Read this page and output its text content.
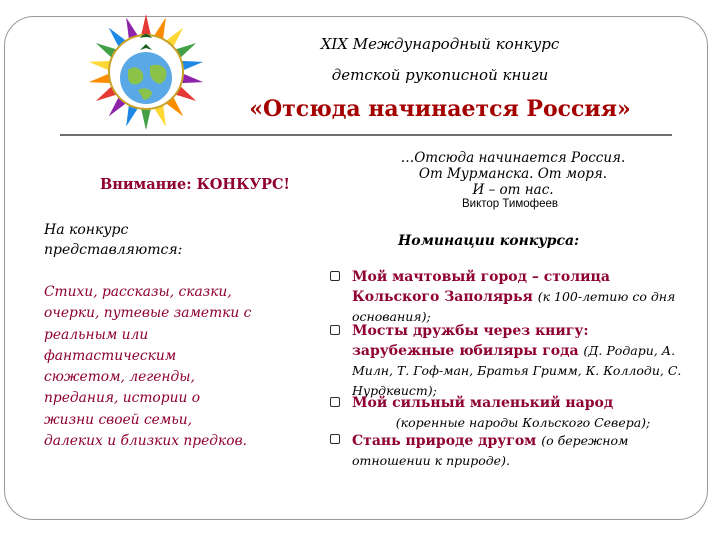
XIX Международный конкурс
детской рукописной книги
«Отсюда начинается Россия»
Внимание: КОНКУРС!
…Отсюда начинается Россия.
От Мурманска. От моря.
И – от нас.
Виктор Тимофеев
На конкурс
представляются:
Стихи, рассказы, сказки,
очерки, путевые заметки с
реальным или
фантастическим
сюжетом, легенды,
предания, истории о
жизни своей семьи,
далеких и близких предков.
Номинации конкурса:
Мой мачтовый город – столица
Кольского Заполярья (к 100-летию со дня основания);
Мосты дружбы через книгу:
зарубежные юбиляры года (Д. Родари, А. Милн, Т. Гоф-ман, Братья Гримм, К. Коллоди, С. Нурдквист);
Мой сильный маленький народ

(коренные народы Кольского Севера);
Стань природе другом (о бережном отношении к природе).
